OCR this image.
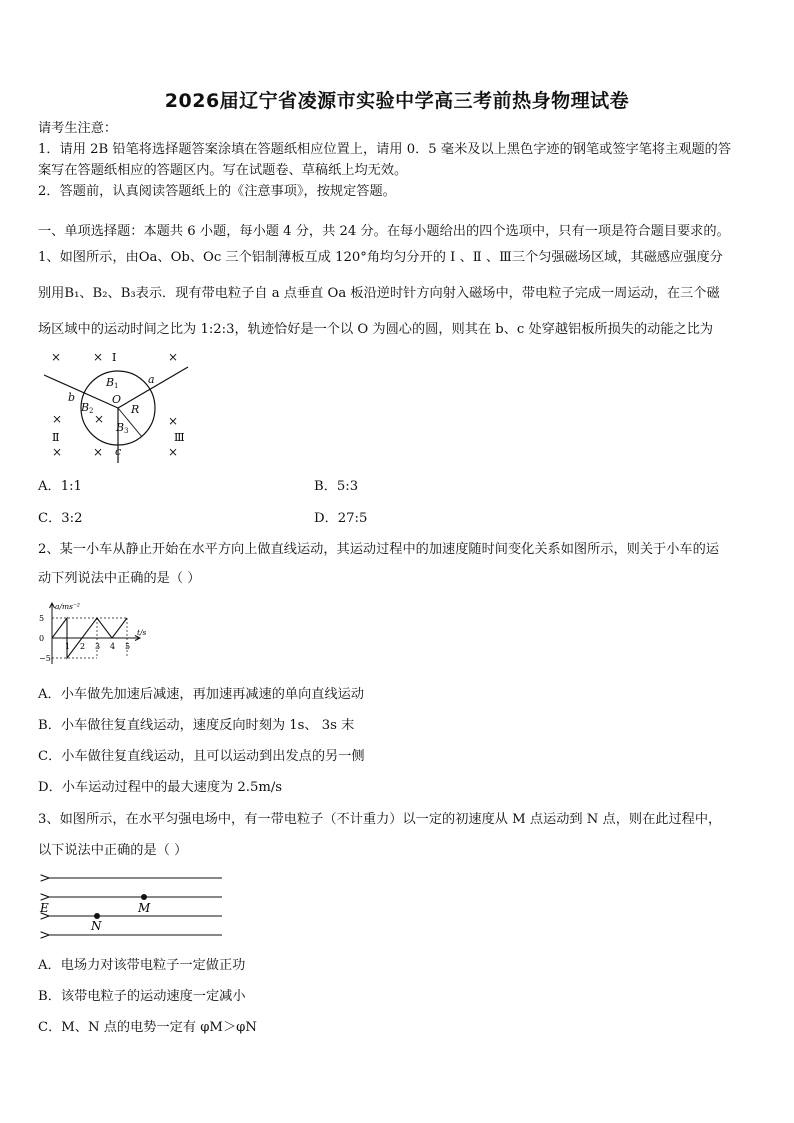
2026届辽宁省凌源市实验中学高三考前热身物理试卷
请考生注意：
1．请用 2B 铅笔将选择题答案涂填在答题纸相应位置上，请用 0．5 毫米及以上黑色字迹的钢笔或签字笔将主观题的答
案写在答题纸相应的答题区内。写在试题卷、草稿纸上均无效。
2．答题前，认真阅读答题纸上的《注意事项》，按规定答题。
一、单项选择题：本题共 6 小题，每小题 4 分，共 24 分。在每小题给出的四个选项中，只有一项是符合题目要求的。
1、如图所示，由Oa、Ob、Oc 三个铝制薄板互成 120°角均匀分开的 Ⅰ 、Ⅱ 、Ⅲ三个匀强磁场区域，其磁感应强度分
别用B₁、B₂、B₃表示．现有带电粒子自 a 点垂直 Oa 板沿逆时针方向射入磁场中，带电粒子完成一周运动，在三个磁
场区域中的运动时间之比为 1:2:3，轨迹恰好是一个以 O 为圆心的圆，则其在 b、c 处穿越铝板所损失的动能之比为
×	×	×
×
×	×
×	×	×
Ⅰ
Ⅱ	Ⅲ
O
a
b
c
R
B
B
B
1
2
3
A．1:1	B．5:3
C．3:2	D．27:5
2、某一小车从静止开始在水平方向上做直线运动，其运动过程中的加速度随时间变化关系如图所示，则关于小车的运
动下列说法中正确的是（ ）
1 2 3 4 5
5
0
−5
a/ms⁻²
t/s
A．小车做先加速后减速，再加速再减速的单向直线运动
B．小车做往复直线运动，速度反向时刻为 1s、 3s 末
C．小车做往复直线运动，且可以运动到出发点的另一侧
D．小车运动过程中的最大速度为 2.5m/s
3、如图所示，在水平匀强电场中，有一带电粒子（不计重力）以一定的初速度从 M 点运动到 N 点，则在此过程中，
以下说法中正确的是（ ）
E	M
N
A．电场力对该带电粒子一定做正功
B．该带电粒子的运动速度一定减小
C．M、N 点的电势一定有 φM＞φN
